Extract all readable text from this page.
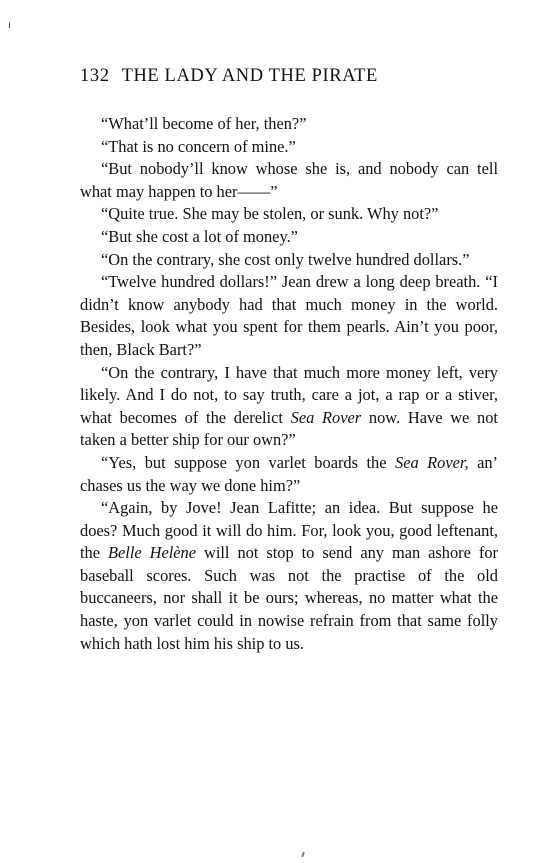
132 THE LADY AND THE PIRATE

“What’ll become of her, then?”

“That is no concern of mine.”

“But nobody’ll know whose she is, and nobody can tell what may happen to her——”

“Quite true. She may be stolen, or sunk. Why not?”

“But she cost a lot of money.”

“On the contrary, she cost only twelve hundred dollars.”

“Twelve hundred dollars!” Jean drew a long deep breath. “I didn’t know anybody had that much money in the world. Besides, look what you spent for them pearls. Ain’t you poor, then, Black Bart?”

“On the contrary, I have that much more money left, very likely. And I do not, to say truth, care a jot, a rap or a stiver, what becomes of the derelict Sea Rover now. Have we not taken a better ship for our own?”

“Yes, but suppose yon varlet boards the Sea Rover, an’ chases us the way we done him?”

“Again, by Jove! Jean Lafitte; an idea. But suppose he does? Much good it will do him. For, look you, good leftenant, the Belle Helène will not stop to send any man ashore for baseball scores. Such was not the practise of the old buccaneers, nor shall it be ours; whereas, no matter what the haste, yon varlet could in nowise refrain from that same folly which hath lost him his ship to us.
